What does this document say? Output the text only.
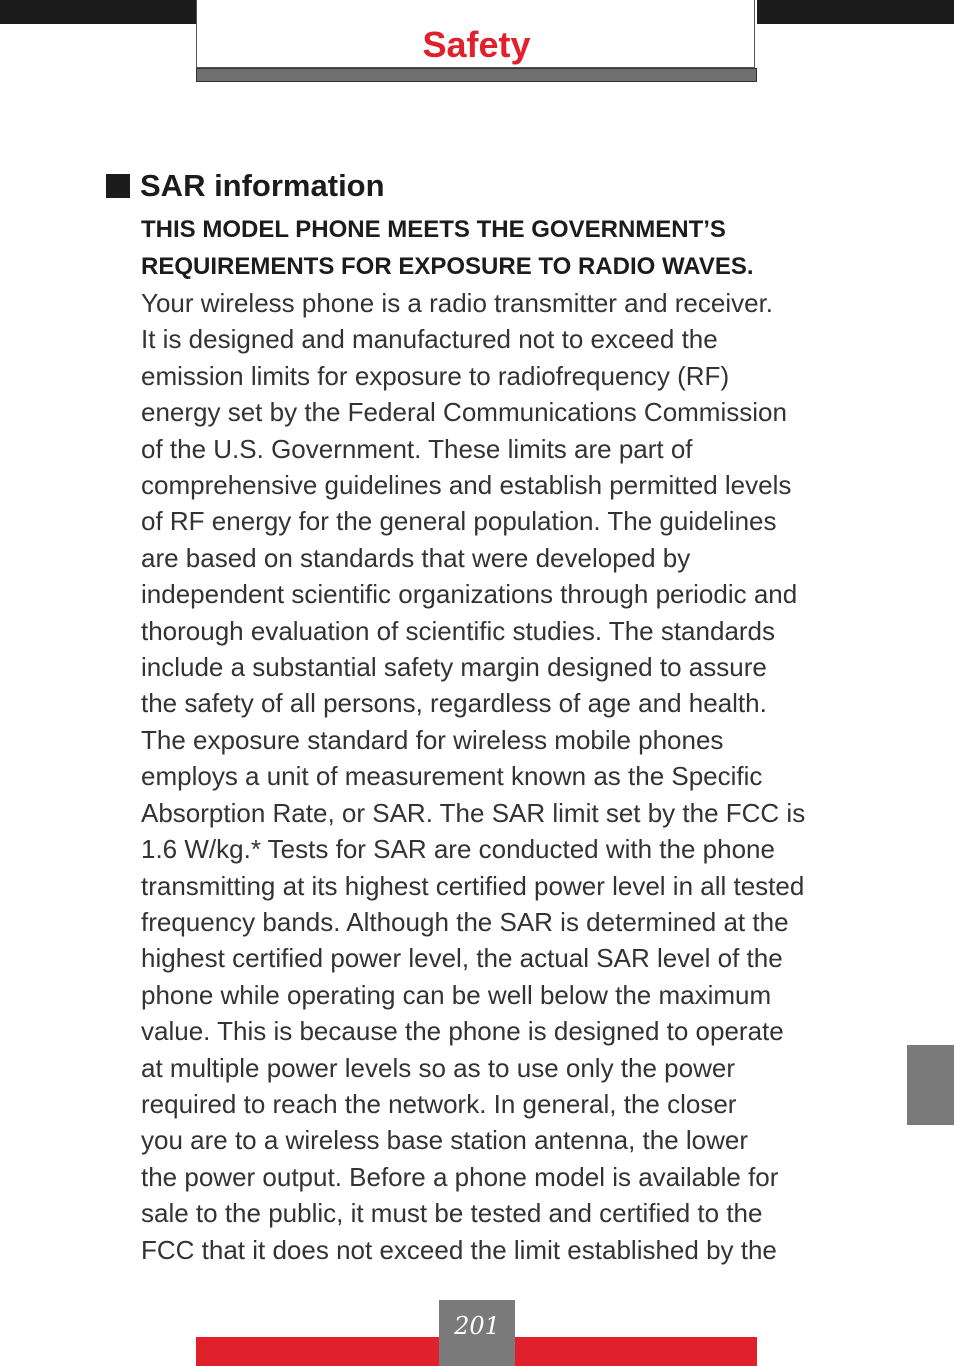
Safety
SAR information
THIS MODEL PHONE MEETS THE GOVERNMENT’S
REQUIREMENTS FOR EXPOSURE TO RADIO WAVES.
Your wireless phone is a radio transmitter and receiver.
It is designed and manufactured not to exceed the
emission limits for exposure to radiofrequency (RF)
energy set by the Federal Communications Commission
of the U.S. Government. These limits are part of
comprehensive guidelines and establish permitted levels
of RF energy for the general population. The guidelines
are based on standards that were developed by
independent scientific organizations through periodic and
thorough evaluation of scientific studies. The standards
include a substantial safety margin designed to assure
the safety of all persons, regardless of age and health.
The exposure standard for wireless mobile phones
employs a unit of measurement known as the Specific
Absorption Rate, or SAR. The SAR limit set by the FCC is
1.6 W/kg.* Tests for SAR are conducted with the phone
transmitting at its highest certified power level in all tested
frequency bands. Although the SAR is determined at the
highest certified power level, the actual SAR level of the
phone while operating can be well below the maximum
value. This is because the phone is designed to operate
at multiple power levels so as to use only the power
required to reach the network. In general, the closer
you are to a wireless base station antenna, the lower
the power output. Before a phone model is available for
sale to the public, it must be tested and certified to the
FCC that it does not exceed the limit established by the
201
